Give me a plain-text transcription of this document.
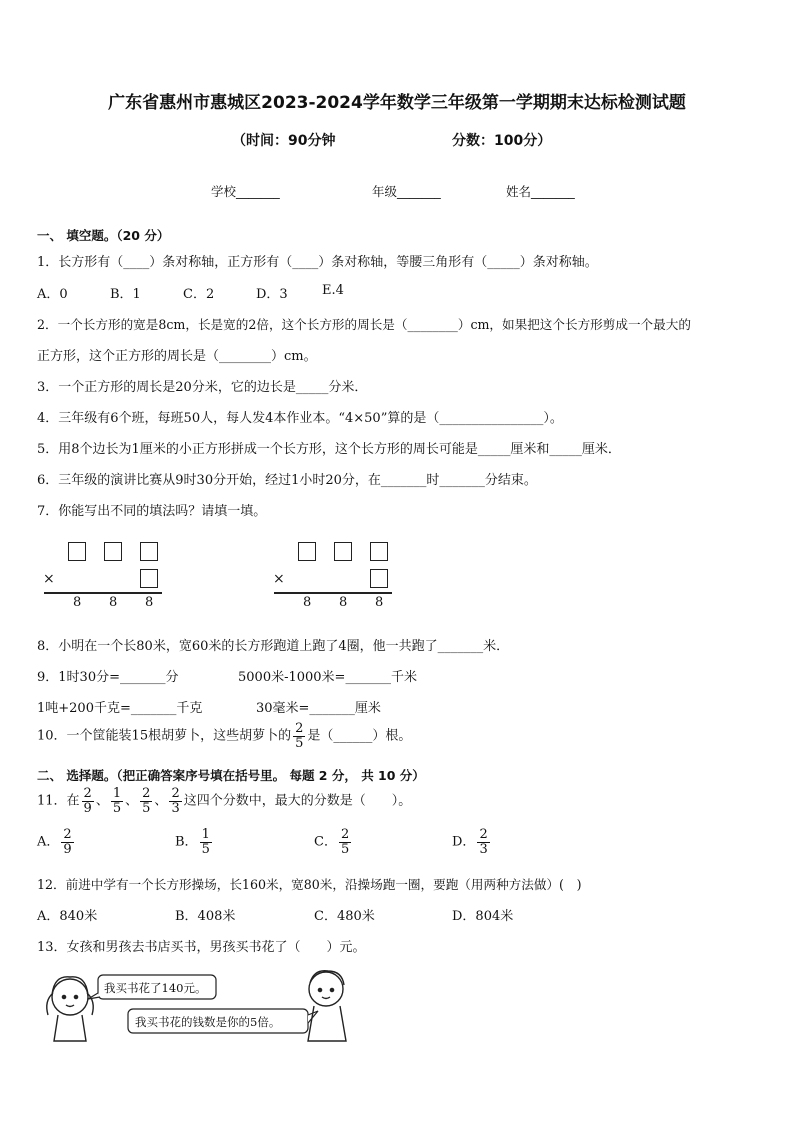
广东省惠州市惠城区2023-2024学年数学三年级第一学期期末达标检测试题
（时间：90分钟	分数：100分）
学校_______	年级_______	姓名_______
一、 填空题。（20 分）
1．长方形有（____）条对称轴，正方形有（____）条对称轴，等腰三角形有（_____）条对称轴。
A．0	B．1	C．2	D．3	E.4
2．一个长方形的宽是8cm，长是宽的2倍，这个长方形的周长是（________）cm，如果把这个长方形剪成一个最大的
正方形，这个正方形的周长是（________）cm。
3．一个正方形的周长是20分米，它的边长是_____分米．
4．三年级有6个班，每班50人，每人发4本作业本。“4×50”算的是（________________）。
5．用8个边长为1厘米的小正方形拼成一个长方形，这个长方形的周长可能是_____厘米和_____厘米．
6．三年级的演讲比赛从9时30分开始，经过1小时20分，在_______时_______分结束。
7．你能写出不同的填法吗？请填一填。
×
8 8 8
×
8 8 8
8．小明在一个长80米，宽60米的长方形跑道上跑了4圈，他一共跑了_______米．
9．1时30分=_______分	5000米-1000米=_______千米
1吨+200千克=_______千克	30毫米=_______厘米
10．一个筐能装15根胡萝卜，这些胡萝卜的 $\frac{2}{5}$ 是（______）根。
二、 选择题。（把正确答案序号填在括号里。 每题 2 分， 共 10 分）
11．在 $\frac{2}{9}$ 、 $\frac{1}{5}$ 、 $\frac{2}{5}$ 、 $\frac{2}{3}$ 这四个分数中，最大的分数是（　　）。
A． $\frac{2}{9}$	B． $\frac{1}{5}$	C． $\frac{2}{5}$	D． $\frac{2}{3}$
12．前进中学有一个长方形操场，长160米，宽80米，沿操场跑一圈，要跑（用两种方法做）(　)
A．840米	B．408米	C．480米	D．804米
13．女孩和男孩去书店买书，男孩买书花了（　　）元。
我买书花了140元。
我买书花的钱数是你的5倍。
